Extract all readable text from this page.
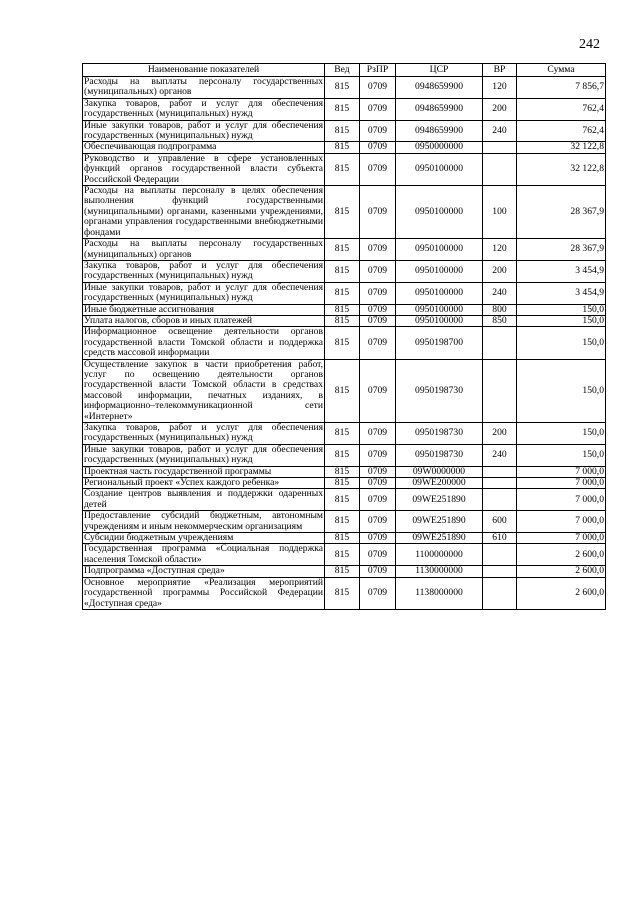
242
Наименование показателей	Вед	РзПР	ЦСР	ВР	Сумма
Расходы на выплаты персоналу государственных (муниципальных) органов	815	0709	0948659900	120	7 856,7
Закупка товаров, работ и услуг для обеспечения государственных (муниципальных) нужд	815	0709	0948659900	200	762,4
Иные закупки товаров, работ и услуг для обеспечения государственных (муниципальных) нужд	815	0709	0948659900	240	762,4
Обеспечивающая подпрограмма	815	0709	0950000000		32 122,8
Руководство и управление в сфере установленных функций органов государственной власти субъекта Российской Федерации	815	0709	0950100000		32 122,8
Расходы на выплаты персоналу в целях обеспечения выполнения функций государственными (муниципальными) органами, казенными учреждениями, органами управления государственными внебюджетными фондами	815	0709	0950100000	100	28 367,9
Расходы на выплаты персоналу государственных (муниципальных) органов	815	0709	0950100000	120	28 367,9
Закупка товаров, работ и услуг для обеспечения государственных (муниципальных) нужд	815	0709	0950100000	200	3 454,9
Иные закупки товаров, работ и услуг для обеспечения государственных (муниципальных) нужд	815	0709	0950100000	240	3 454,9
Иные бюджетные ассигнования	815	0709	0950100000	800	150,0
Уплата налогов, сборов и иных платежей	815	0709	0950100000	850	150,0
Информационное освещение деятельности органов государственной власти Томской области и поддержка средств массовой информации	815	0709	0950198700		150,0
Осуществление закупок в части приобретения работ, услуг по освещению деятельности органов государственной власти Томской области в средствах массовой информации, печатных изданиях, в информационно–телекоммуникационной сети «Интернет»	815	0709	0950198730		150,0
Закупка товаров, работ и услуг для обеспечения государственных (муниципальных) нужд	815	0709	0950198730	200	150,0
Иные закупки товаров, работ и услуг для обеспечения государственных (муниципальных) нужд	815	0709	0950198730	240	150,0
Проектная часть государственной программы	815	0709	09W0000000		7 000,0
Региональный проект «Успех каждого ребенка»	815	0709	09WE200000		7 000,0
Создание центров выявления и поддержки одаренных детей	815	0709	09WE251890		7 000,0
Предоставление субсидий бюджетным, автономным учреждениям и иным некоммерческим организациям	815	0709	09WE251890	600	7 000,0
Субсидии бюджетным учреждениям	815	0709	09WE251890	610	7 000,0
Государственная программа «Социальная поддержка населения Томской области»	815	0709	1100000000		2 600,0
Подпрограмма «Доступная среда»	815	0709	1130000000		2 600,0
Основное мероприятие «Реализация мероприятий государственной программы Российской Федерации «Доступная среда»	815	0709	1138000000		2 600,0
